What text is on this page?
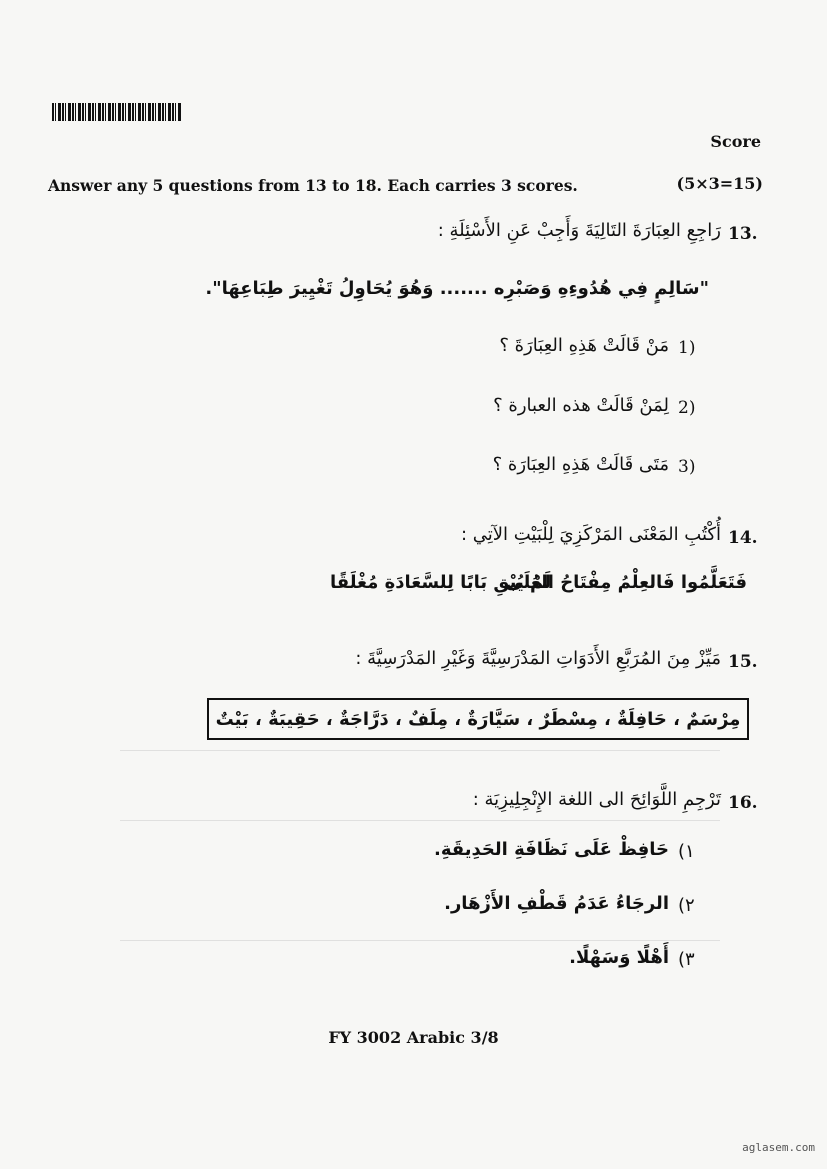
Score
Answer any 5 questions from 13 to 18. Each carries 3 scores.	(5×3=15)
13.
رَاجِعِ العِبَارَةَ التَالِيَةَ وَأَجِبْ عَنِ الأَسْئِلَةِ :
"سَالِمٍ فِي هُدُوءِهِ وَصَبْرِه ....... وَهُوَ يُحَاوِلُ تَغْيِيرَ طِبَاعِهَا".
1)
مَنْ قَالَتْ هَذِهِ العِبَارَةَ ؟
2)
لِمَنْ قَالَتْ هذه العبارة ؟
3)
مَتَى قَالَتْ هَذِهِ العِبَارَة ؟
14.
أُكْتُبِ المَعْنَى المَرْكَزِيَ لِلْبَيْتِ الآتِي :
فَتَعَلَّمُوا فَالعِلْمُ مِفْتَاحُ العُلَى
لَمْ يُبْقِ بَابًا لِلسَّعَادَةِ مُغْلَقًا
15.
مَيِّزْ مِنَ المُرَبَّعِ الأَدَوَاتِ المَدْرَسِيَّةَ وَغَيْرِ المَدْرَسِيَّةَ :
مِرْسَمٌ ، حَافِلَةٌ ، مِسْطَرٌ ، سَيَّارَةٌ ، مِلَفٌ ، دَرَّاجَةٌ ، حَقِيبَةٌ ، بَيْتٌ
16.
تَرْجِمِ اللَّوَائِحَ الى اللغة الإِنْجِلِيزِيَة :
١)
حَافِظْ عَلَى نَظَافَةِ الحَدِيقَةِ.
٢)
الرجَاءُ عَدَمُ قَطْفِ الأَزْهَار.
٣)
أَهْلًا وَسَهْلًا.
FY 3002 Arabic 3/8
aglasem.com
